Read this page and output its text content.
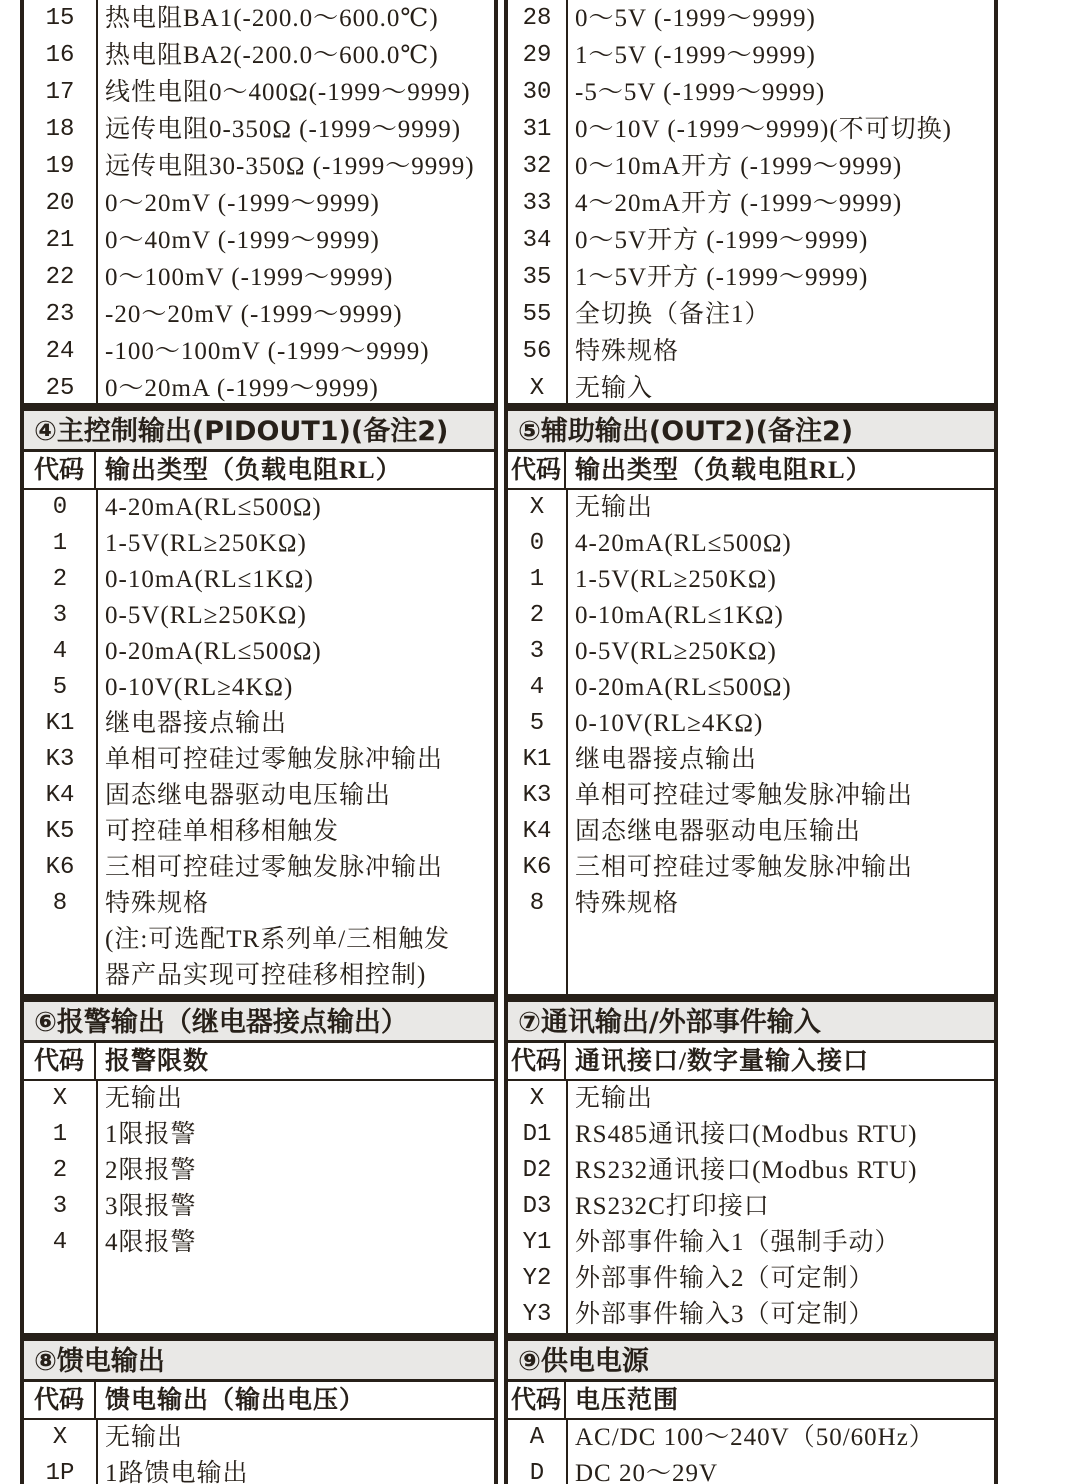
15	热电阻BA1(-200.0～600.0℃)
16	热电阻BA2(-200.0～600.0℃)
17	线性电阻0～400Ω(-1999～9999)
18	远传电阻0-350Ω (-1999～9999)
19	远传电阻30-350Ω (-1999～9999)
20	0～20mV (-1999～9999)
21	0～40mV (-1999～9999)
22	0～100mV (-1999～9999)
23	-20～20mV (-1999～9999)
24	-100～100mV (-1999～9999)
25	0～20mA (-1999～9999)
④主控制输出(PIDOUT1)(备注2)
代码 输出类型（负载电阻RL）
0	4-20mA(RL≤500Ω)
1	1-5V(RL≥250KΩ)
2	0-10mA(RL≤1KΩ)
3	0-5V(RL≥250KΩ)
4	0-20mA(RL≤500Ω)
5	0-10V(RL≥4KΩ)
K1	继电器接点输出
K3	单相可控硅过零触发脉冲输出
K4	固态继电器驱动电压输出
K5	可控硅单相移相触发
K6	三相可控硅过零触发脉冲输出
8	特殊规格
(注:可选配TR系列单/三相触发
器产品实现可控硅移相控制)
⑥报警输出（继电器接点输出）
代码 报警限数
X	无输出
1	1限报警
2	2限报警
3	3限报警
4	4限报警
⑧馈电输出
代码 馈电输出（输出电压）
X	无输出
1P	1路馈电输出
28 0～5V (-1999～9999)
29 1～5V (-1999～9999)
30 -5～5V (-1999～9999)
31 0～10V (-1999～9999)(不可切换)
32 0～10mA开方 (-1999～9999)
33 4～20mA开方 (-1999～9999)
34 0～5V开方 (-1999～9999)
35 1～5V开方 (-1999～9999)
55 全切换（备注1）
56 特殊规格
X	无输入
⑤辅助输出(OUT2)(备注2)
代码 输出类型（负载电阻RL）
X	无输出
0	4-20mA(RL≤500Ω)
1	1-5V(RL≥250KΩ)
2	0-10mA(RL≤1KΩ)
3	0-5V(RL≥250KΩ)
4	0-20mA(RL≤500Ω)
5	0-10V(RL≥4KΩ)
K1 继电器接点输出
K3 单相可控硅过零触发脉冲输出
K4 固态继电器驱动电压输出
K6 三相可控硅过零触发脉冲输出
8	特殊规格
⑦通讯输出/外部事件输入
代码 通讯接口/数字量输入接口
X	无输出
D1 RS485通讯接口(Modbus RTU)
D2 RS232通讯接口(Modbus RTU)
D3 RS232C打印接口
Y1 外部事件输入1（强制手动）
Y2 外部事件输入2（可定制）
Y3 外部事件输入3（可定制）
⑨供电电源
代码 电压范围
A	AC/DC 100～240V（50/60Hz）
D	DC 20～29V
